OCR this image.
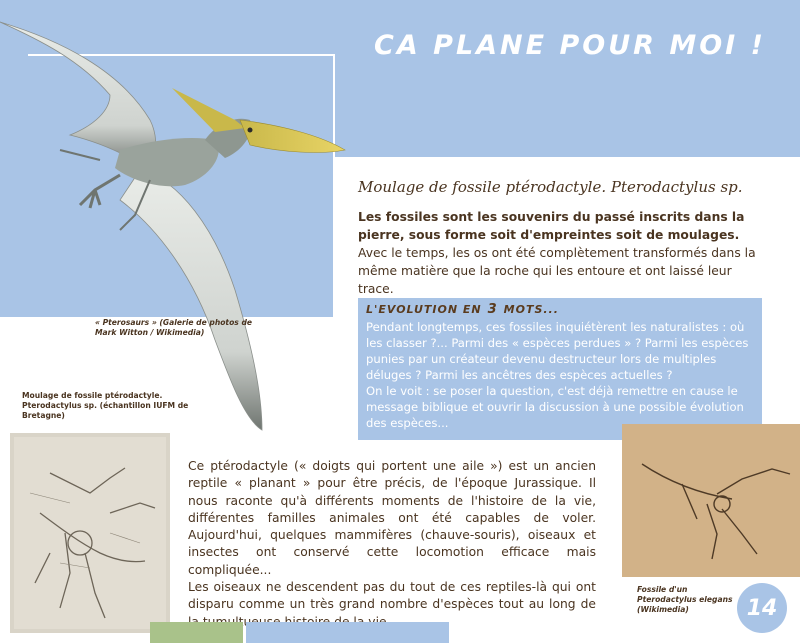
CA PLANE POUR MOI !
Moulage de fossile ptérodactyle. Pterodactylus sp.
Les fossiles sont les souvenirs du passé inscrits dans la pierre, sous forme soit d'empreintes soit de moulages. Avec le temps, les os ont été complètement transformés dans la même matière que la roche qui les entoure et ont laissé leur trace.
L'EVOLUTION EN 3 MOTS...
Pendant longtemps, ces fossiles inquiétèrent les naturalistes : où les classer ?... Parmi des « espèces perdues » ? Parmi les espèces punies par un créateur devenu destructeur lors de multiples déluges ? Parmi les ancêtres des espèces actuelles ?
On le voit : se poser la question, c'est déjà remettre en cause le message biblique et ouvrir la discussion à une possible évolution des espèces...
« Pterosaurs » (Galerie de photos de Mark Witton / Wikimedia)
Moulage de fossile ptérodactyle. Pterodactylus sp. (échantillon IUFM de Bretagne)

Ce ptérodactyle (« doigts qui portent une aile ») est un ancien reptile « planant » pour être précis, de l'époque Jurassique. Il nous raconte qu'à différents moments de l'histoire de la vie, différentes familles animales ont été capables de voler. Aujourd'hui, quelques mammifères (chauve-souris), oiseaux et insectes ont conservé cette locomotion efficace mais compliquée...

Les oiseaux ne descendent pas du tout de ces reptiles-là qui ont disparu comme un très grand nombre d'espèces tout au long de

Fossile d'un Pterodactylus elegans (Wikimedia)	14
